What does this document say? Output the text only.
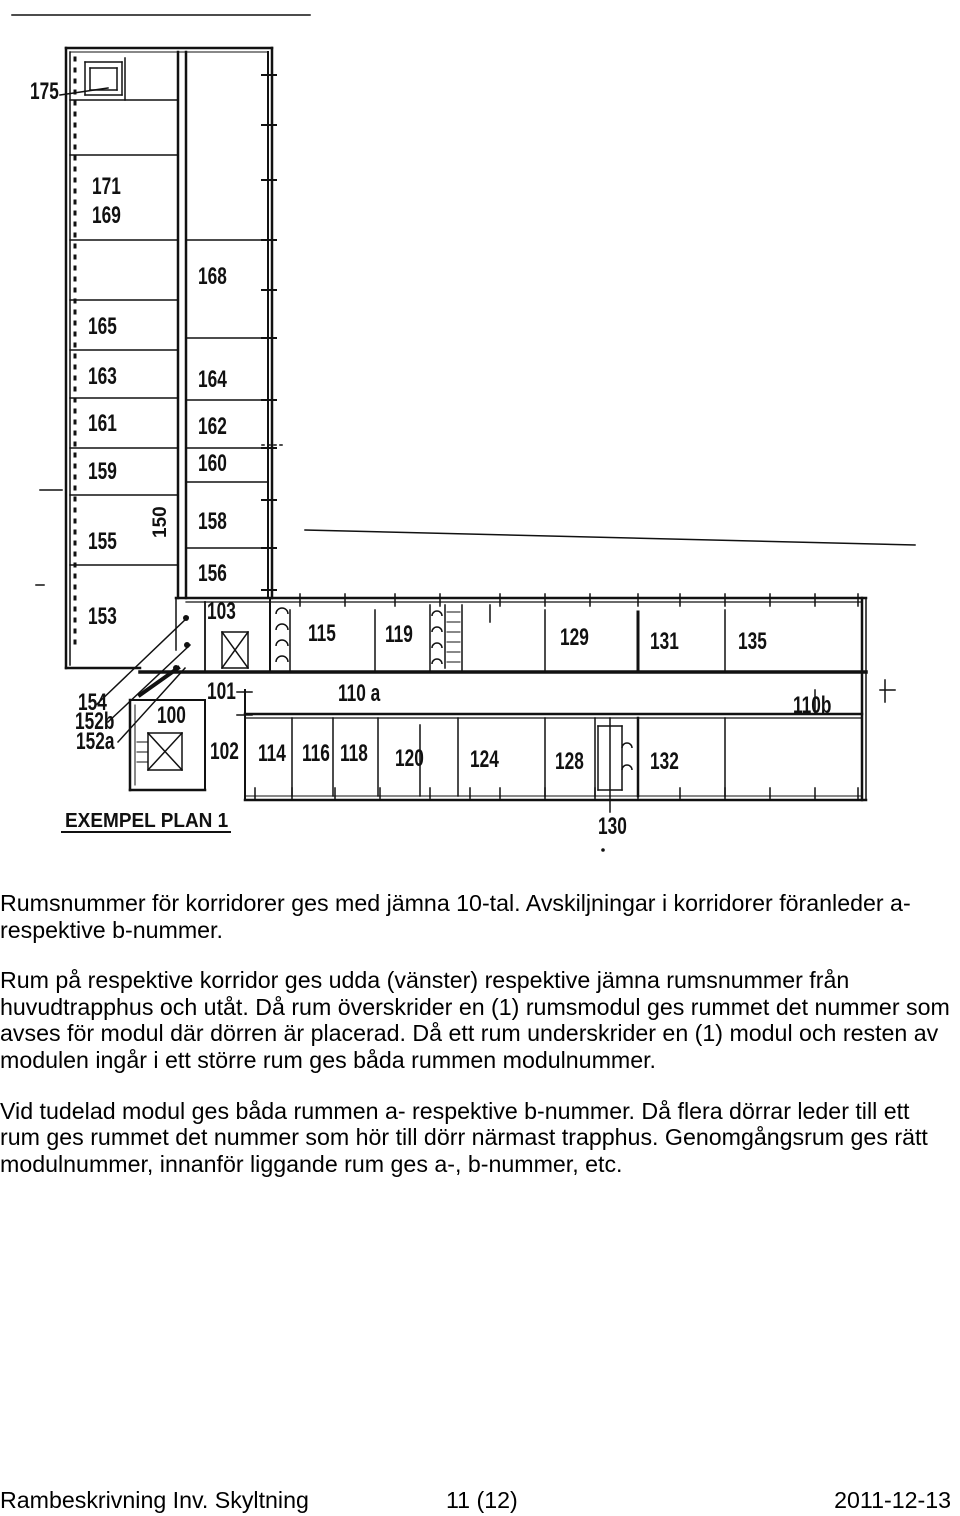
175
171
169
168
165
163	164
161	162
160
159
155
150 158
156
153	103
115 119	129	131 135
154
152b
152a
101	110 a
100	110b
102 114 116 118 120 124 128	132
130
EXEMPEL PLAN 1

Rumsnummer för korridorer ges med jämna 10-tal. Avskiljningar i korridorer föranleder a-
respektive b-nummer.

Rum på respektive korridor ges udda (vänster) respektive jämna rumsnummer från
huvudtrapphus och utåt. Då rum överskrider en (1) rumsmodul ges rummet det nummer som
avses för modul där dörren är placerad. Då ett rum underskrider en (1) modul och resten av
modulen ingår i ett större rum ges båda rummen modulnummer.

Vid tudelad modul ges båda rummen a- respektive b-nummer. Då flera dörrar leder till ett
rum ges rummet det nummer som hör till dörr närmast trapphus. Genomgångsrum ges rätt
modulnummer, innanför liggande rum ges a-, b-nummer, etc.

Rambeskrivning Inv. Skyltning	11 (12)	2011-12-13
